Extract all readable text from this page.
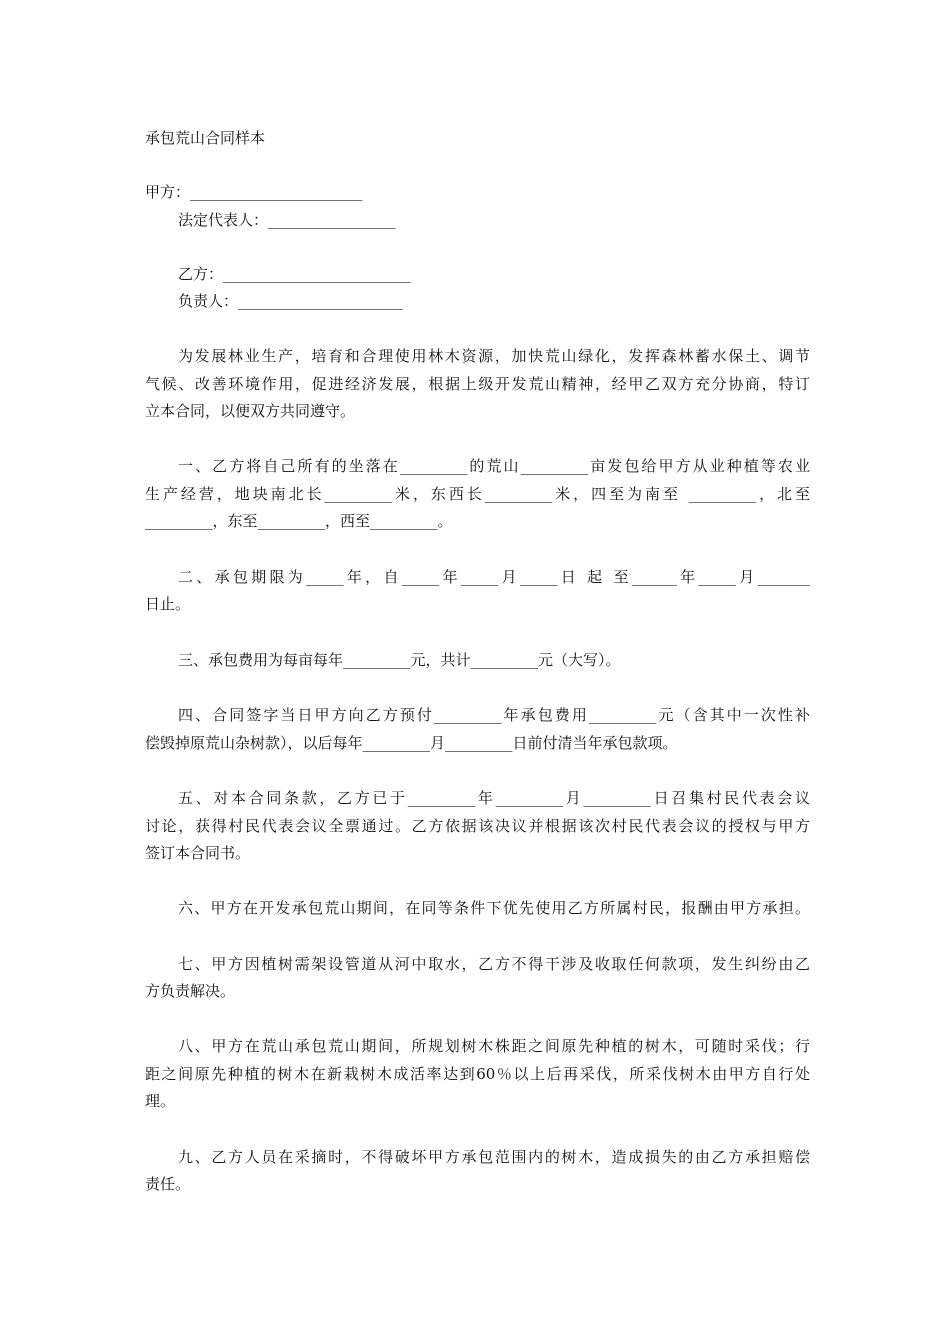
承包荒山合同样本
甲方：_______________________
法定代表人：_________________
乙方：_________________________
负责人：______________________
为发展林业生产，培育和合理使用林木资源，加快荒山绿化，发挥森林蓄水保土、调节
气候、改善环境作用，促进经济发展，根据上级开发荒山精神，经甲乙双方充分协商，特订
立本合同，以便双方共同遵守。
一、乙方将自己所有的坐落在_________的荒山_________亩发包给甲方从业种植等农业
生产经营，地块南北长_________米，东西长_________米，四至为南至 _________，北至
_________，东至_________，西至_________。
二、承包期限为_____年，自_____年_____月_____日 起 至______年_____月_______
日止。
三、承包费用为每亩每年_________元，共计_________元（大写）。
四、合同签字当日甲方向乙方预付_________年承包费用_________元（含其中一次性补
偿毁掉原荒山杂树款），以后每年_________月_________日前付清当年承包款项。
五、对本合同条款，乙方已于_________年_________月_________日召集村民代表会议
讨论，获得村民代表会议全票通过。乙方依据该决议并根据该次村民代表会议的授权与甲方
签订本合同书。
六、甲方在开发承包荒山期间，在同等条件下优先使用乙方所属村民，报酬由甲方承担。
七、甲方因植树需架设管道从河中取水，乙方不得干涉及收取任何款项，发生纠纷由乙
方负责解决。
八、甲方在荒山承包荒山期间，所规划树木株距之间原先种植的树木，可随时采伐；行
距之间原先种植的树木在新栽树木成活率达到60％以上后再采伐，所采伐树木由甲方自行处
理。
九、乙方人员在采摘时，不得破坏甲方承包范围内的树木，造成损失的由乙方承担赔偿
责任。
